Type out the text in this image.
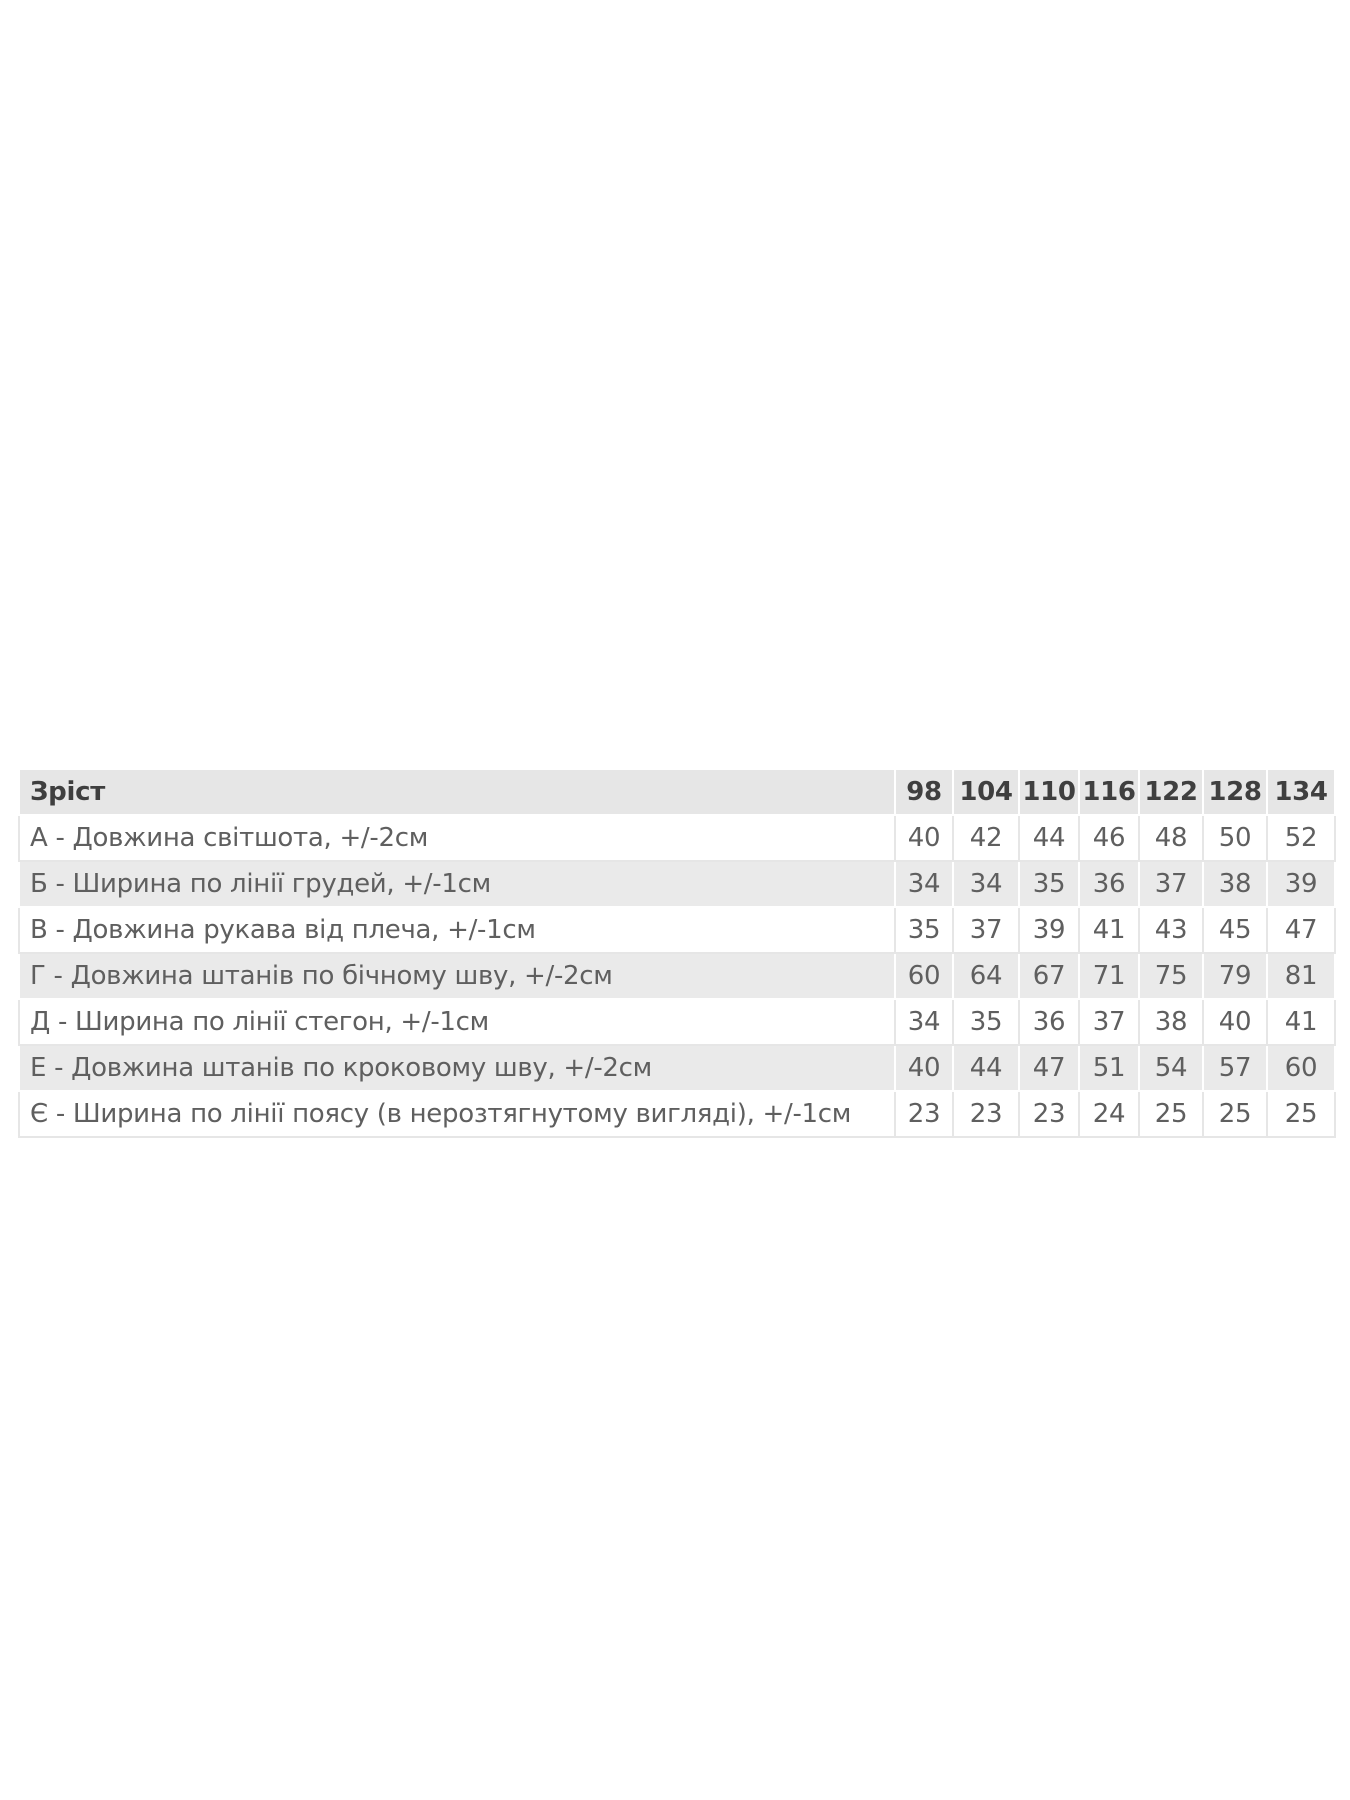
Зріст	98	104	110	116	122	128	134
А - Довжина світшота, +/-2см	40	42	44	46	48	50	52
Б - Ширина по лінії грудей, +/-1см	34	34	35	36	37	38	39
В - Довжина рукава від плеча, +/-1см	35	37	39	41	43	45	47
Г - Довжина штанів по бічному шву, +/-2см	60	64	67	71	75	79	81
Д - Ширина по лінії стегон, +/-1см	34	35	36	37	38	40	41
Е - Довжина штанів по кроковому шву, +/-2см	40	44	47	51	54	57	60
Є - Ширина по лінії поясу (в нерозтягнутому вигляді), +/-1см	23	23	23	24	25	25	25
